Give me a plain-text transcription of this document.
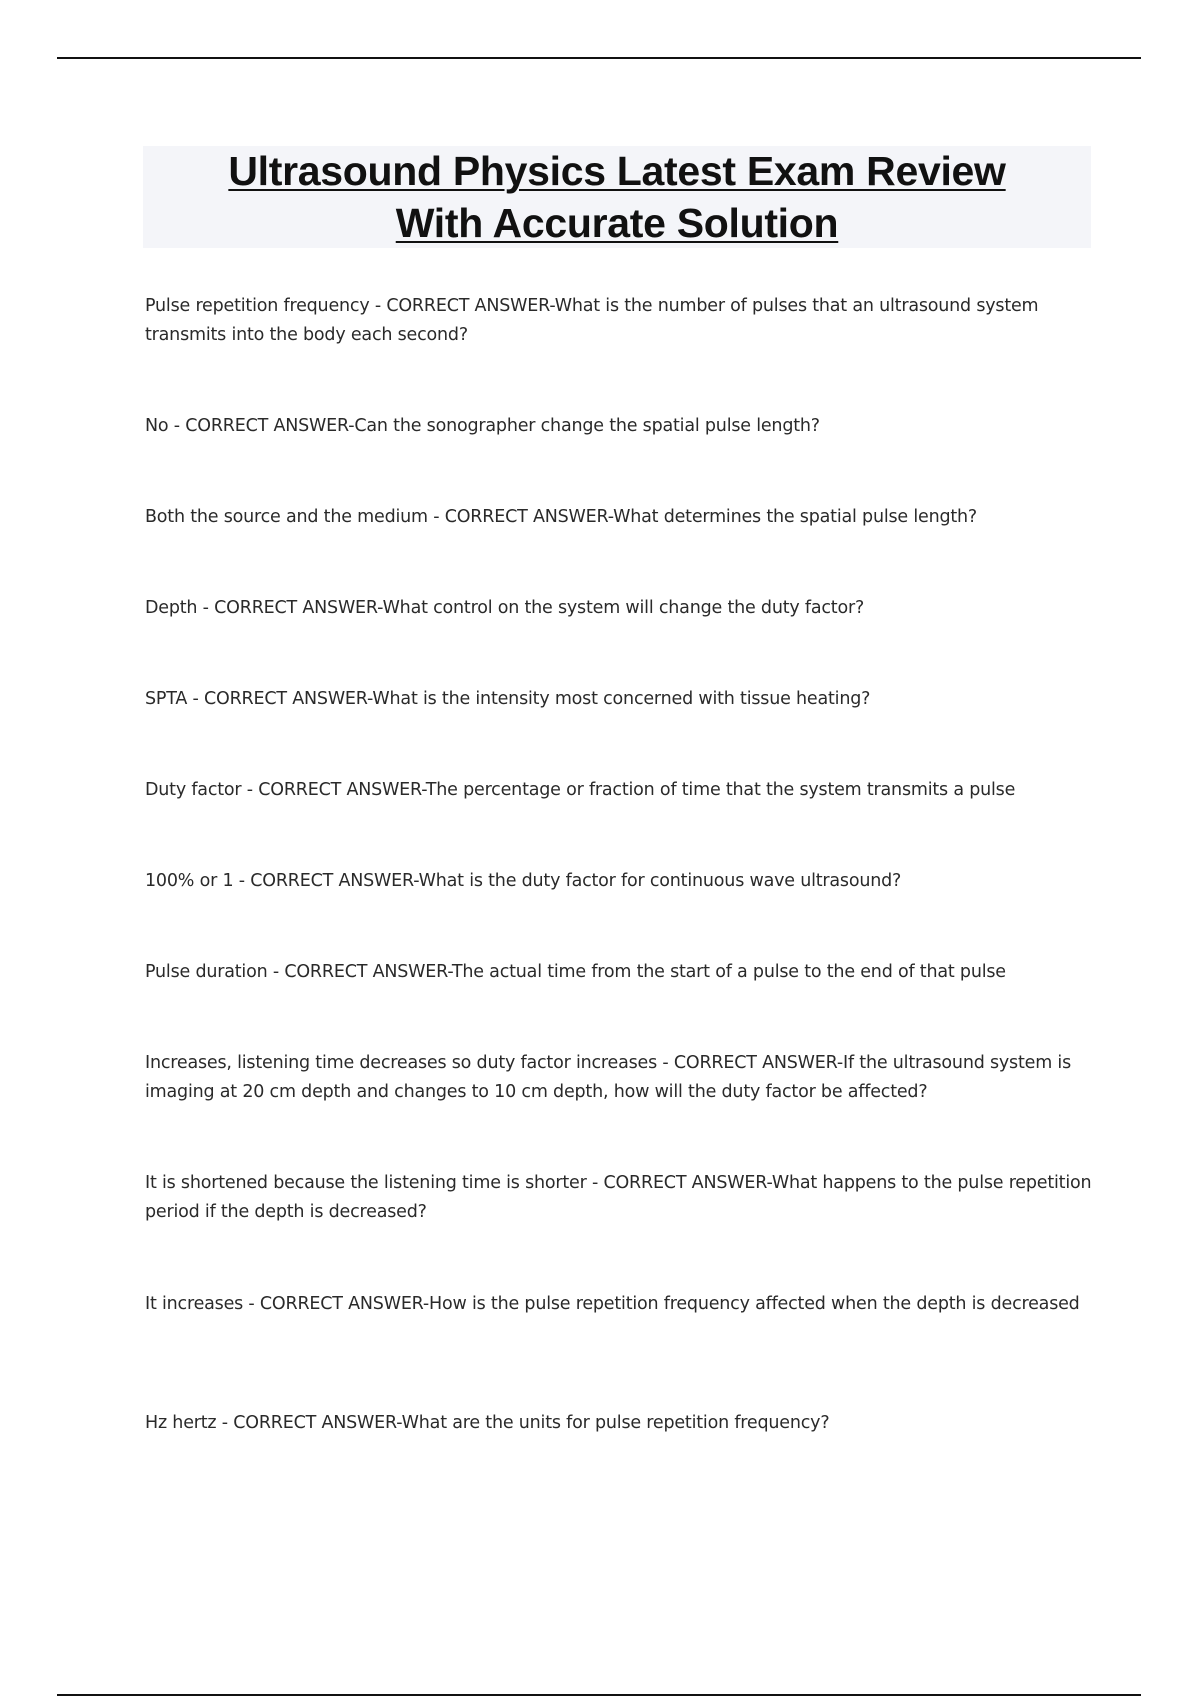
Ultrasound Physics Latest Exam Review
With Accurate Solution
Pulse repetition frequency - CORRECT ANSWER-What is the number of pulses that an ultrasound system transmits into the body each second?
No - CORRECT ANSWER-Can the sonographer change the spatial pulse length?
Both the source and the medium - CORRECT ANSWER-What determines the spatial pulse length?
Depth - CORRECT ANSWER-What control on the system will change the duty factor?
SPTA - CORRECT ANSWER-What is the intensity most concerned with tissue heating?
Duty factor - CORRECT ANSWER-The percentage or fraction of time that the system transmits a pulse
100% or 1 - CORRECT ANSWER-What is the duty factor for continuous wave ultrasound?
Pulse duration - CORRECT ANSWER-The actual time from the start of a pulse to the end of that pulse
Increases, listening time decreases so duty factor increases - CORRECT ANSWER-If the ultrasound system is imaging at 20 cm depth and changes to 10 cm depth, how will the duty factor be affected?
It is shortened because the listening time is shorter - CORRECT ANSWER-What happens to the pulse repetition period if the depth is decreased?
It increases - CORRECT ANSWER-How is the pulse repetition frequency affected when the depth is decreased
Hz hertz - CORRECT ANSWER-What are the units for pulse repetition frequency?
